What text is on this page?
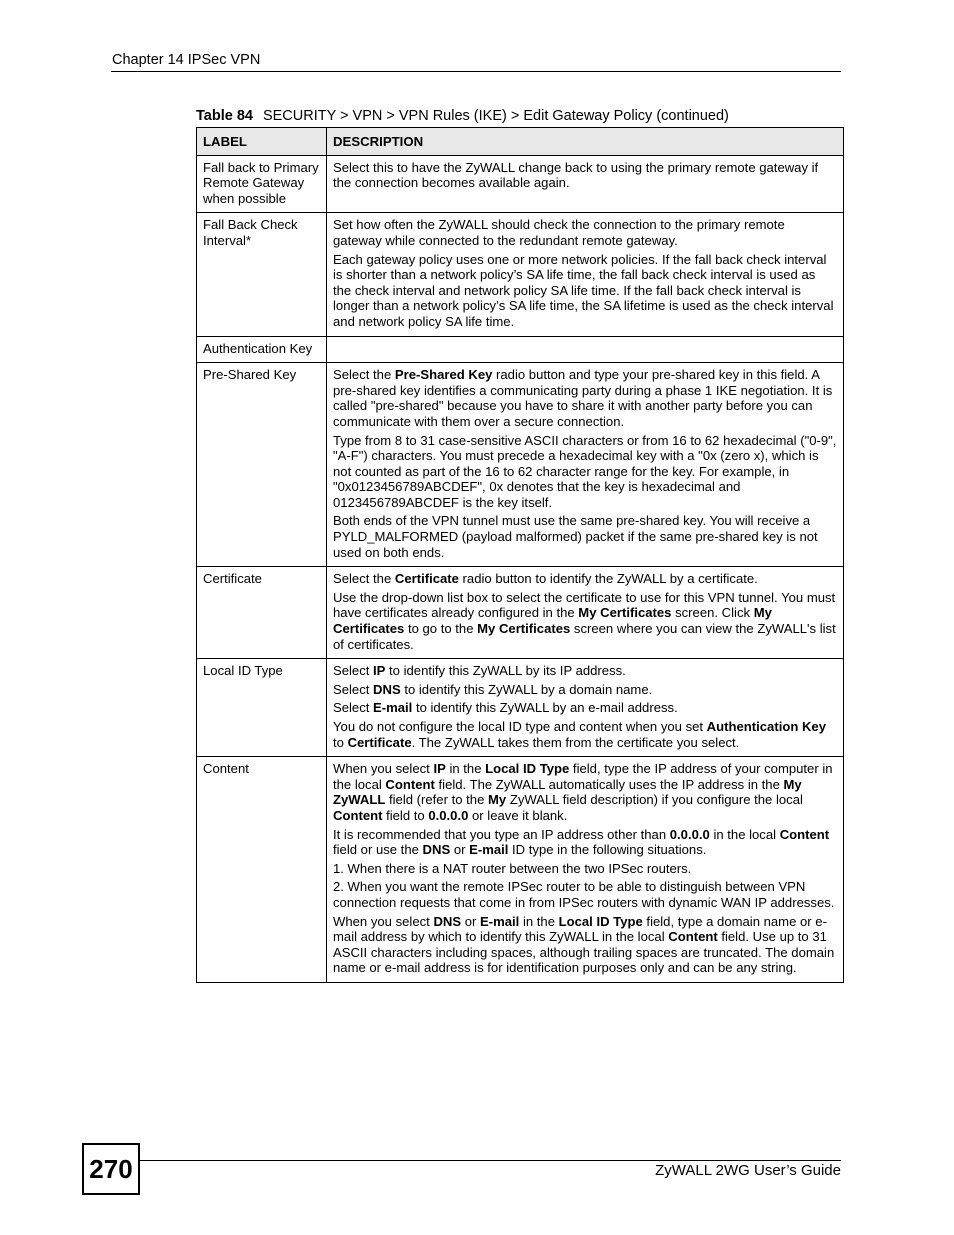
Chapter 14 IPSec VPN
Table 84 SECURITY > VPN > VPN Rules (IKE) > Edit Gateway Policy (continued)
LABEL	DESCRIPTION
Fall back to Primary Remote Gateway when possible	Select this to have the ZyWALL change back to using the primary remote gateway if the connection becomes available again.

Fall Back Check Interval*	Set how often the ZyWALL should check the connection to the primary remote gateway while connected to the redundant remote gateway.

Each gateway policy uses one or more network policies. If the fall back check interval is shorter than a network policy’s SA life time, the fall back check interval is used as the check interval and network policy SA life time. If the fall back check interval is longer than a network policy’s SA life time, the SA lifetime is used as the check interval and network policy SA life time.

Authentication Key	
Pre-Shared Key	Select the Pre-Shared Key radio button and type your pre-shared key in this field. A pre-shared key identifies a communicating party during a phase 1 IKE negotiation. It is called "pre-shared" because you have to share it with another party before you can communicate with them over a secure connection.

Type from 8 to 31 case-sensitive ASCII characters or from 16 to 62 hexadecimal ("0-9", "A-F") characters. You must precede a hexadecimal key with a "0x (zero x), which is not counted as part of the 16 to 62 character range for the key. For example, in "0x0123456789ABCDEF", 0x denotes that the key is hexadecimal and 0123456789ABCDEF is the key itself.

Both ends of the VPN tunnel must use the same pre-shared key. You will receive a PYLD_MALFORMED (payload malformed) packet if the same pre-shared key is not used on both ends.

Certificate	Select the Certificate radio button to identify the ZyWALL by a certificate.

Use the drop-down list box to select the certificate to use for this VPN tunnel. You must have certificates already configured in the My Certificates screen. Click My Certificates to go to the My Certificates screen where you can view the ZyWALL's list of certificates.

Local ID Type	Select IP to identify this ZyWALL by its IP address.

Select DNS to identify this ZyWALL by a domain name.

Select E-mail to identify this ZyWALL by an e-mail address.

You do not configure the local ID type and content when you set Authentication Key to Certificate. The ZyWALL takes them from the certificate you select.

Content	When you select IP in the Local ID Type field, type the IP address of your computer in the local Content field. The ZyWALL automatically uses the IP address in the My ZyWALL field (refer to the My ZyWALL field description) if you configure the local Content field to 0.0.0.0 or leave it blank.

It is recommended that you type an IP address other than 0.0.0.0 in the local Content field or use the DNS or E-mail ID type in the following situations.

1. When there is a NAT router between the two IPSec routers.

2. When you want the remote IPSec router to be able to distinguish between VPN connection requests that come in from IPSec routers with dynamic WAN IP addresses.

When you select DNS or E-mail in the Local ID Type field, type a domain name or e-mail address by which to identify this ZyWALL in the local Content field. Use up to 31 ASCII characters including spaces, although trailing spaces are truncated. The domain name or e-mail address is for identification purposes only and can be any string.

270	ZyWALL 2WG User’s Guide
